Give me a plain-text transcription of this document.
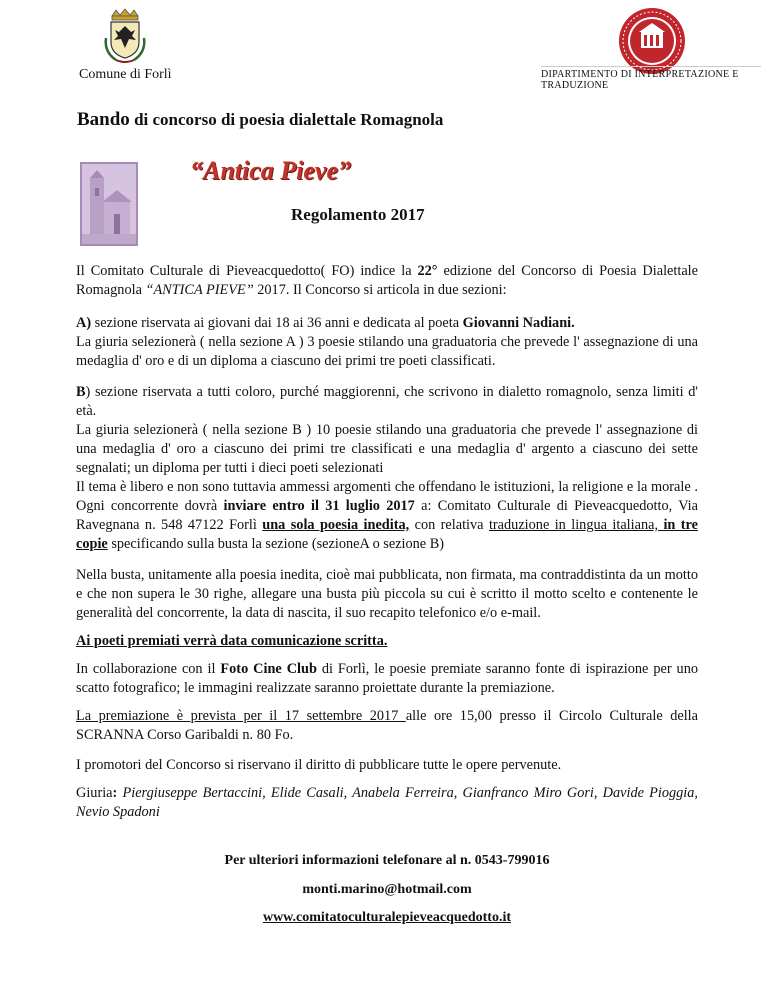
Comune di Forlì	DIPARTIMENTO DI INTERPRETAZIONE E TRADUZIONE
Bando di concorso di poesia dialettale Romagnola
“Antica Pieve”
Regolamento 2017

Il Comitato Culturale di Pieveacquedotto( FO) indice la 22° edizione del Concorso di Poesia Dialettale Romagnola “ANTICA PIEVE” 2017. Il Concorso si articola in due sezioni:

A) sezione riservata ai giovani dai 18 ai 36 anni e dedicata al poeta Giovanni Nadiani.

La giuria selezionerà ( nella sezione A ) 3 poesie stilando una graduatoria che prevede l' assegnazione di una medaglia d' oro e di un diploma a ciascuno dei primi tre poeti classificati.

B) sezione riservata a tutti coloro, purché maggiorenni, che scrivono in dialetto romagnolo, senza limiti d' età.

La giuria selezionerà ( nella sezione B ) 10 poesie stilando una graduatoria che prevede l' assegnazione di una medaglia d' oro a ciascuno dei primi tre classificati e una medaglia d' argento a ciascuno dei sette segnalati; un diploma per tutti i dieci poeti selezionati

Il tema è libero e non sono tuttavia ammessi argomenti che offendano le istituzioni, la religione e la morale . Ogni concorrente dovrà inviare entro il 31 luglio 2017 a: Comitato Culturale di Pieveacquedotto, Via Ravegnana n. 548 47122 Forlì una sola poesia inedita, con relativa traduzione in lingua italiana, in tre copie specificando sulla busta la sezione (sezioneA o sezione B)

Nella busta, unitamente alla poesia inedita, cioè mai pubblicata, non firmata, ma contraddistinta da un motto e che non supera le 30 righe, allegare una busta più piccola su cui è scritto il motto scelto e contenente le generalità del concorrente, la data di nascita, il suo recapito telefonico e/o e-mail.

Ai poeti premiati verrà data comunicazione scritta.

In collaborazione con il Foto Cine Club di Forlì, le poesie premiate saranno fonte di ispirazione per uno scatto fotografico; le immagini realizzate saranno proiettate durante la premiazione.

La premiazione è prevista per il 17 settembre 2017 alle ore 15,00 presso il Circolo Culturale della SCRANNA Corso Garibaldi n. 80 Fo.

I promotori del Concorso si riservano il diritto di pubblicare tutte le opere pervenute.

Giuria: Piergiuseppe Bertaccini, Elide Casali, Anabela Ferreira, Gianfranco Miro Gori, Davide Pioggia, Nevio Spadoni

Per ulteriori informazioni telefonare al n. 0543-799016
monti.marino@hotmail.com
www.comitatoculturalepieveacquedotto.it
